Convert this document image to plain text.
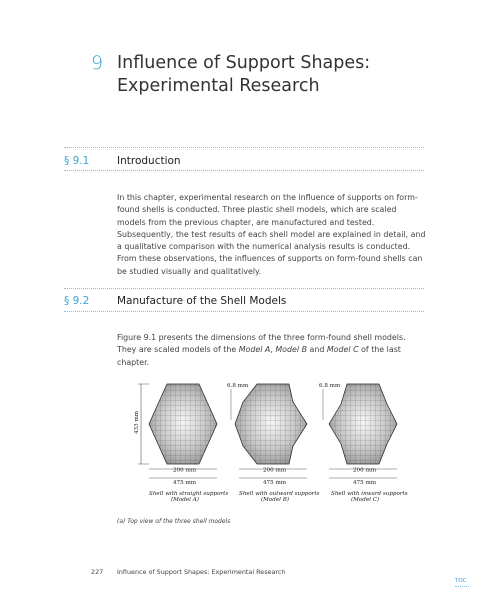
9 Influence of Support Shapes: Experimental Research
§ 9.1	Introduction
In this chapter, experimental research on the influence of supports on form-found shells is conducted. Three plastic shell models, which are scaled models from the previous chapter, are manufactured and tested. Subsequently, the test results of each shell model are explained in detail, and a qualitative comparison with the numerical analysis results is conducted. From these observations, the influences of supports on form-found shells can be studied visually and qualitatively.
§ 9.2	Manufacture of the Shell Models
Figure 9.1 presents the dimensions of the three form-found shell models. They are scaled models of the Model A, Model B and Model C of the last chapter.
433 mm
200 mm
475 mm
Shell with straight supports
(Model A)
6.8 mm
200 mm
475 mm
Shell with outward supports
(Model B)
6.8 mm
200 mm
475 mm
Shell with inward supports
(Model C)
(a) Top view of the three shell models
227 Influence of Support Shapes: Experimental Research
TOC
